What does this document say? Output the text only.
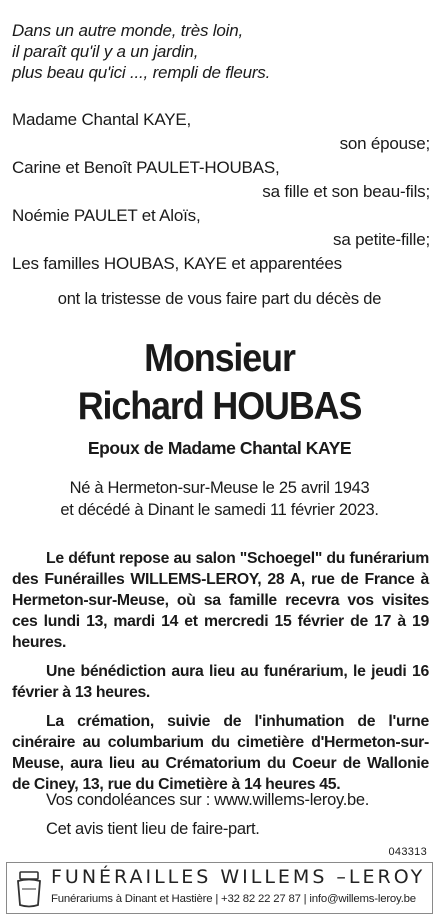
Dans un autre monde, très loin,
il paraît qu'il y a un jardin,
plus beau qu'ici ..., rempli de fleurs.
Madame Chantal KAYE,
son épouse;
Carine et Benoît PAULET-HOUBAS,
sa fille et son beau-fils;
Noémie PAULET et Aloïs,
sa petite-fille;
Les familles HOUBAS, KAYE et apparentées
ont la tristesse de vous faire part du décès de
Monsieur
Richard HOUBAS
Epoux de Madame Chantal KAYE
Né à Hermeton-sur-Meuse le 25 avril 1943
et décédé à Dinant le samedi 11 février 2023.

Le défunt repose au salon "Schoegel" du funérarium des Funérailles WILLEMS-LEROY, 28 A, rue de France à Hermeton-sur-Meuse, où sa famille recevra vos visites ces lundi 13, mardi 14 et mercredi 15 février de 17 à 19 heures.

Une bénédiction aura lieu au funérarium, le jeudi 16 février à 13 heures.

La crémation, suivie de l'inhumation de l'urne cinéraire au columbarium du cimetière d'Hermeton-sur-Meuse, aura lieu au Crématorium du Coeur de Wallonie de Ciney, 13, rue du Cimetière à 14 heures 45.

Vos condoléances sur : www.willems-leroy.be.
Cet avis tient lieu de faire-part.
043313
FUNÉRAILLES WILLEMS –LEROY
Funérariums à Dinant et Hastière | +32 82 22 27 87 | info@willems-leroy.be
